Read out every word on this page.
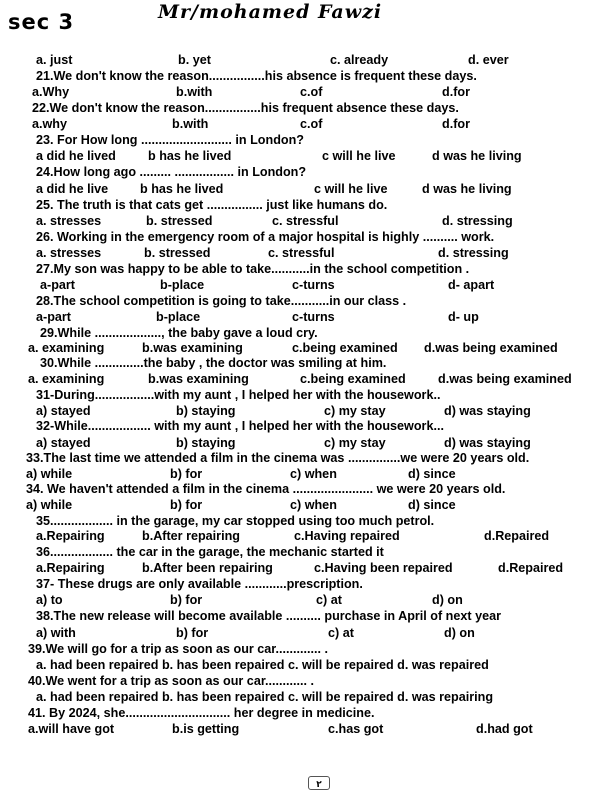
sec 3	Mr/mohamed Fawzi
a. just	b. yet	c. already	d. ever
21.We don't know the reason................his absence is frequent these days.
a.Why	b.with	c.of	d.for
22.We don't know the reason................his frequent absence these days.
a.why	b.with	c.of	d.for
23. For How long .......................... in London?
a did he lived	b has he lived	c will he live	d was he living
24.How long ago ......... ................. in London?
a did he live	b has he lived	c will he live	d was he living
25. The truth is that cats get ................ just like humans do.
a. stresses	b. stressed	c. stressful	d. stressing
26. Working in the emergency room of a major hospital is highly .......... work.
a. stresses	b. stressed	c. stressful	d. stressing
27.My son was happy to be able to take...........in the school competition .
a-part	b-place	c-turns	d- apart
28.The school competition is going to take...........in our class .
a-part	b-place	c-turns	d- up
29.While ..................., the baby gave a loud cry.
a. examining	b.was examining	c.being examined d.was being examined
30.While ..............the baby , the doctor was smiling at him.
a. examining	b.was examining	c.being examined	d.was being examined
31-During.................with my aunt , I helped her with the housework..
a) stayed	b) staying	c) my stay	d) was staying
32-While.................. with my aunt , I helped her with the housework...
a) stayed	b) staying	c) my stay	d) was staying
33.The last time we attended a film in the cinema was ...............we were 20 years old.
a) while	b) for	c) when	d) since
34. We haven't attended a film in the cinema ....................... we were 20 years old.
a) while	b) for	c) when	d) since
35.................. in the garage, my car stopped using too much petrol.
a.Repairing	b.After repairing	c.Having repaired	d.Repaired
36.................. the car in the garage, the mechanic started it
a.Repairing	b.After been repairing	c.Having been repaired	d.Repaired
37- These drugs are only available ............prescription.
a) to	b) for	c) at	d) on
38.The new release will become available .......... purchase in April of next year
a) with	b) for	c) at	d) on
39.We will go for a trip as soon as our car............. .
a. had been repaired b. has been repaired c. will be repaired d. was repaired
40.We went for a trip as soon as our car............ .
a. had been repaired b. has been repaired c. will be repaired d. was repairing
41. By 2024, she.............................. her degree in medicine.
a.will have got	b.is getting	c.has got	d.had got
٢
